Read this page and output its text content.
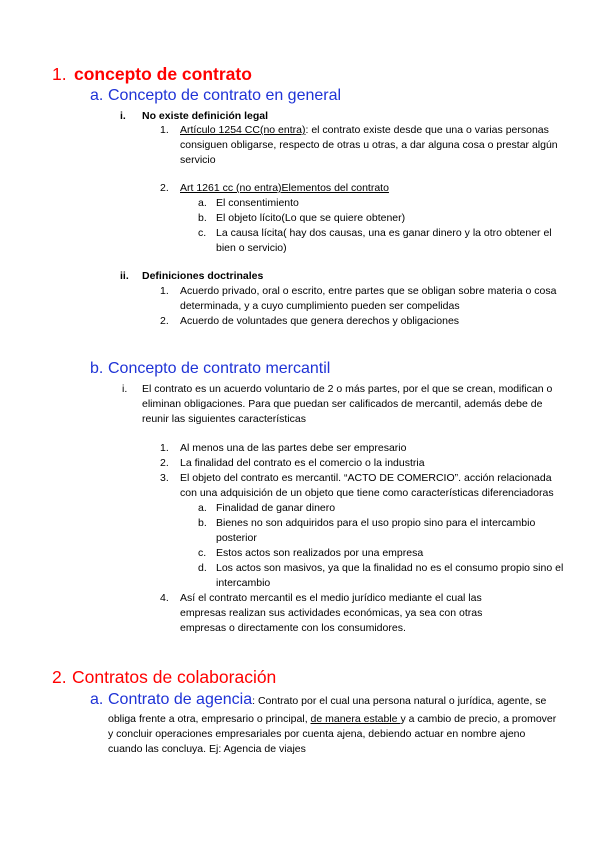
1. concepto de contrato
a. Concepto de contrato en general
i. No existe definición legal
1. Artículo 1254 CC(no entra): el contrato existe desde que una o varias personas
consiguen obligarse, respecto de otras u otras, a dar alguna cosa o prestar algún
servicio
2. Art 1261 cc (no entra)Elementos del contrato
a. El consentimiento
b. El objeto lícito(Lo que se quiere obtener)
c. La causa lícita( hay dos causas, una es ganar dinero y la otro obtener el
bien o servicio)
ii. Definiciones doctrinales
1. Acuerdo privado, oral o escrito, entre partes que se obligan sobre materia o cosa
determinada, y a cuyo cumplimiento pueden ser compelidas
2. Acuerdo de voluntades que genera derechos y obligaciones
b. Concepto de contrato mercantil
i. El contrato es un acuerdo voluntario de 2 o más partes, por el que se crean, modifican o
eliminan obligaciones. Para que puedan ser calificados de mercantil, además debe de
reunir las siguientes características
1. Al menos una de las partes debe ser empresario
2. La finalidad del contrato es el comercio o la industria
3. El objeto del contrato es mercantil. “ACTO DE COMERCIO”. acción relacionada
con una adquisición de un objeto que tiene como características diferenciadoras
a. Finalidad de ganar dinero
b. Bienes no son adquiridos para el uso propio sino para el intercambio
posterior
c. Estos actos son realizados por una empresa
d. Los actos son masivos, ya que la finalidad no es el consumo propio sino el
intercambio
4. Así el contrato mercantil es el medio jurídico mediante el cual las
empresas realizan sus actividades económicas, ya sea con otras
empresas o directamente con los consumidores.
2. Contratos de colaboración
a. Contrato de agencia: Contrato por el cual una persona natural o jurídica, agente, se
obliga frente a otra, empresario o principal, de manera estable y a cambio de precio, a promover
y concluir operaciones empresariales por cuenta ajena, debiendo actuar en nombre ajeno
cuando las concluya. Ej: Agencia de viajes
